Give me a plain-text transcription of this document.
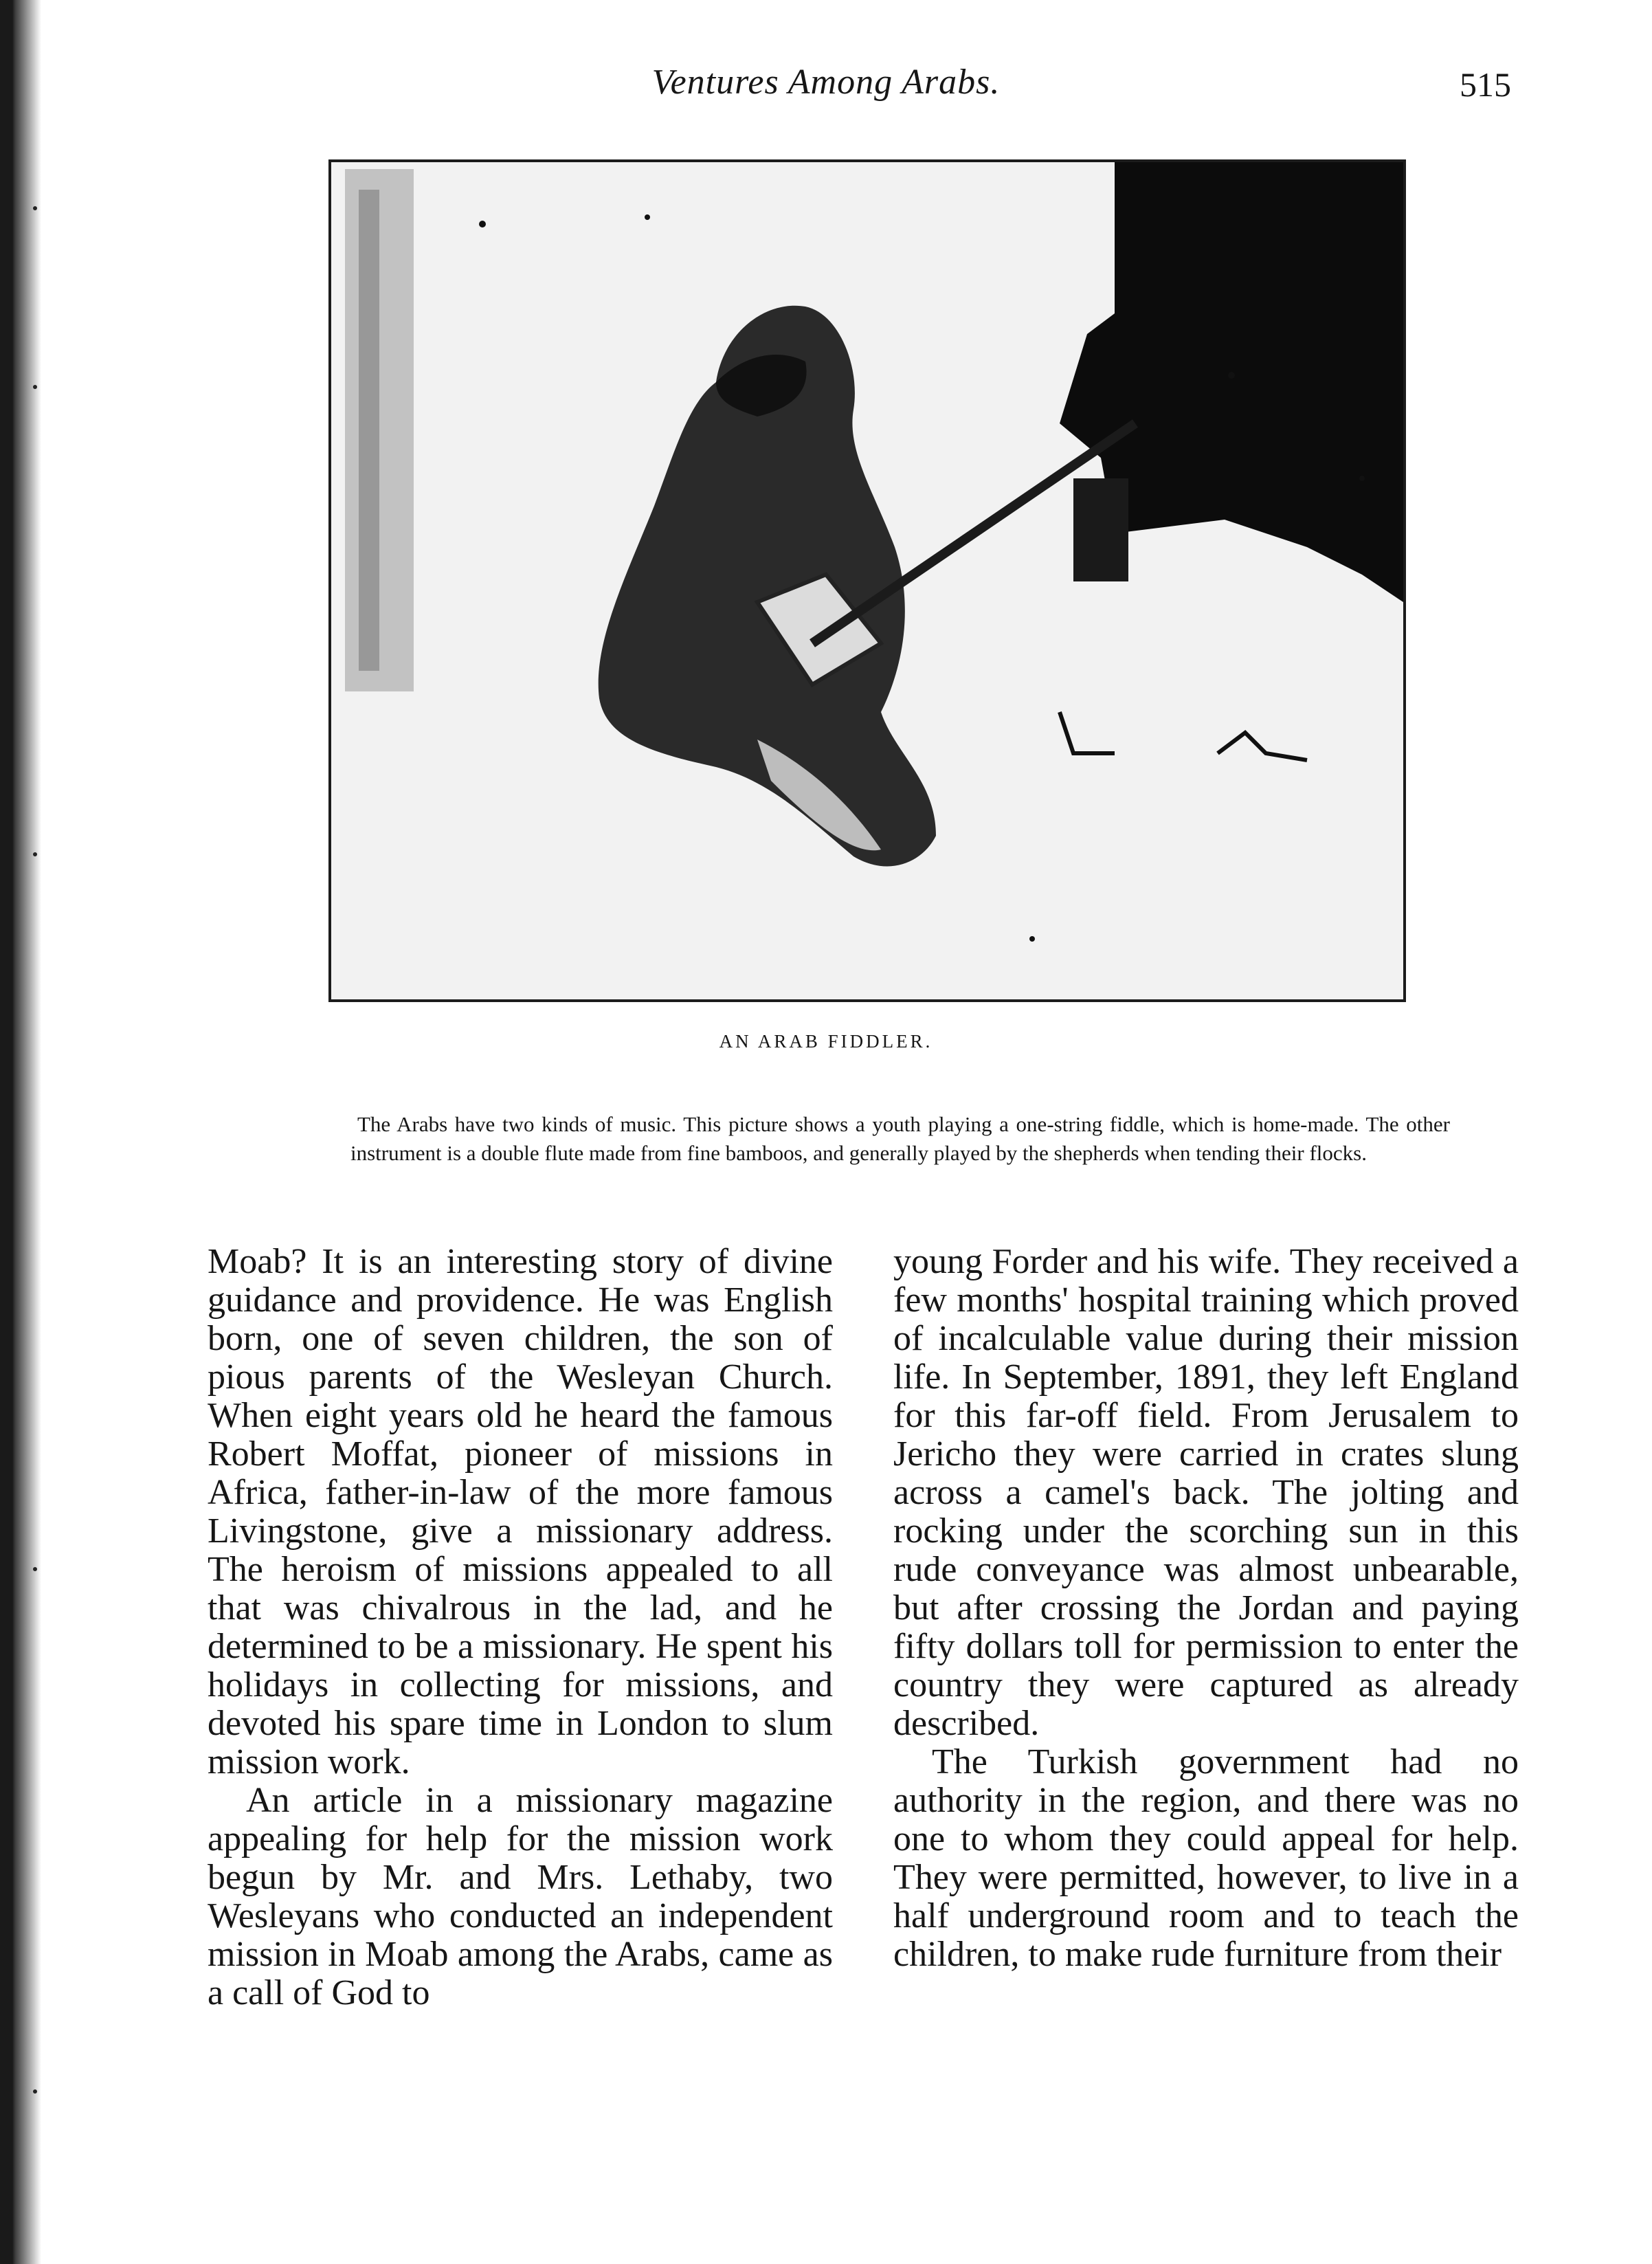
Ventures Among Arabs.	515
AN ARAB FIDDLER.
The Arabs have two kinds of music. This picture shows a youth playing a one-string fiddle, which is home-made. The other instrument is a double flute made from fine bamboos, and generally played by the shepherds when tending their flocks.

Moab? It is an interesting story of divine guidance and providence. He was English born, one of seven children, the son of pious parents of the Wesleyan Church. When eight years old he heard the famous Robert Moffat, pioneer of missions in Africa, father-in-law of the more famous Livingstone, give a missionary address. The heroism of missions appealed to all that was chivalrous in the lad, and he determined to be a missionary. He spent his holidays in collecting for missions, and devoted his spare time in London to slum mission work.

An article in a missionary magazine appealing for help for the mission work begun by Mr. and Mrs. Lethaby, two Wesleyans who conducted an independent mission in Moab among the Arabs, came as a call of God to

young Forder and his wife. They received a few months' hospital training which proved of incalculable value during their mission life. In September, 1891, they left England for this far-off field. From Jerusalem to Jericho they were carried in crates slung across a camel's back. The jolting and rocking under the scorching sun in this rude conveyance was almost unbearable, but after crossing the Jordan and paying fifty dollars toll for permission to enter the country they were captured as already described.

The Turkish government had no authority in the region, and there was no one to whom they could appeal for help. They were permitted, however, to live in a half underground room and to teach the children, to make rude furniture from their
